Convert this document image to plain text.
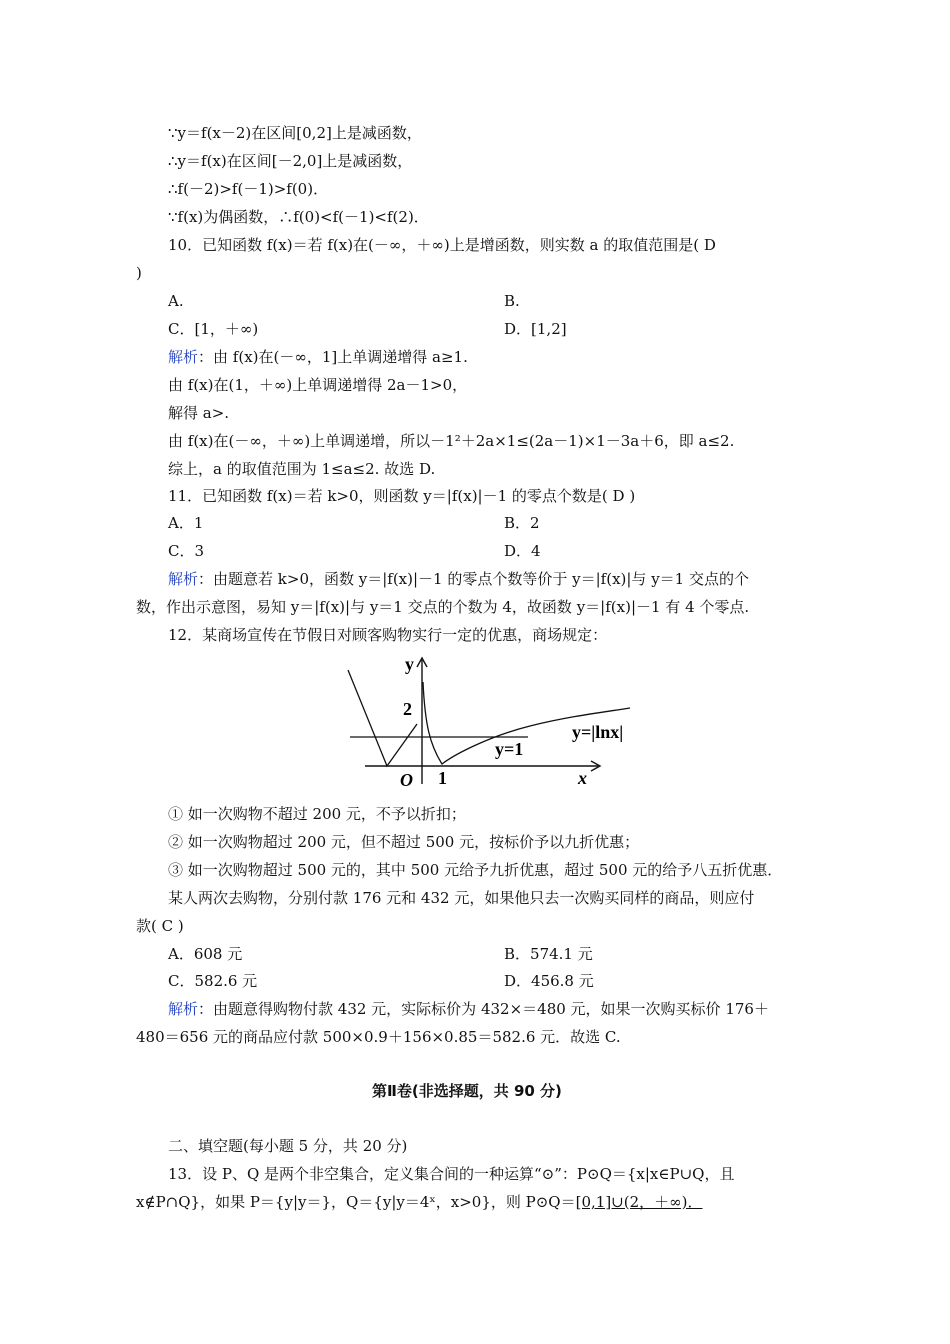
∵y＝f(x－2)在区间[0,2]上是减函数，
∴y＝f(x)在区间[－2,0]上是减函数，
∴f(－2)>f(－1)>f(0)．
∵f(x)为偶函数，∴f(0)<f(－1)<f(2)．
10．已知函数 f(x)＝若 f(x)在(－∞，＋∞)上是增函数，则实数 a 的取值范围是( D
)
A.	B.
C．[1，＋∞)	D．[1,2]
解析：由 f(x)在(－∞，1]上单调递增得 a≥1.
由 f(x)在(1，＋∞)上单调递增得 2a－1>0，
解得 a>.
由 f(x)在(－∞，＋∞)上单调递增，所以－1²＋2a×1≤(2a－1)×1－3a＋6，即 a≤2.
综上，a 的取值范围为 1≤a≤2. 故选 D.
11．已知函数 f(x)＝若 k>0，则函数 y＝|f(x)|－1 的零点个数是( D )
A．1	B．2
C．3	D．4
解析：由题意若 k>0，函数 y＝|f(x)|－1 的零点个数等价于 y＝|f(x)|与 y＝1 交点的个
数，作出示意图，易知 y＝|f(x)|与 y＝1 交点的个数为 4，故函数 y＝|f(x)|－1 有 4 个零点.
12．某商场宣传在节假日对顾客购物实行一定的优惠，商场规定：
y
x
O 1
2
y=1
y=|lnx|
① 如一次购物不超过 200 元，不予以折扣；
② 如一次购物超过 200 元，但不超过 500 元，按标价予以九折优惠；
③ 如一次购物超过 500 元的，其中 500 元给予九折优惠，超过 500 元的给予八五折优惠．
某人两次去购物，分别付款 176 元和 432 元，如果他只去一次购买同样的商品，则应付
款( C )
A．608 元	B．574.1 元
C．582.6 元	D．456.8 元
解析：由题意得购物付款 432 元，实际标价为 432×＝480 元，如果一次购买标价 176＋
480＝656 元的商品应付款 500×0.9＋156×0.85＝582.6 元．故选 C.
第Ⅱ卷(非选择题，共 90 分)
二、填空题(每小题 5 分，共 20 分)
13．设 P、Q 是两个非空集合，定义集合间的一种运算“⊙”：P⊙Q＝{x|x∈P∪Q，且
x∉P∩Q}，如果 P＝{y|y＝}，Q＝{y|y＝4ˣ，x>0}，则 P⊙Q＝[0,1]∪(2，＋∞)．
